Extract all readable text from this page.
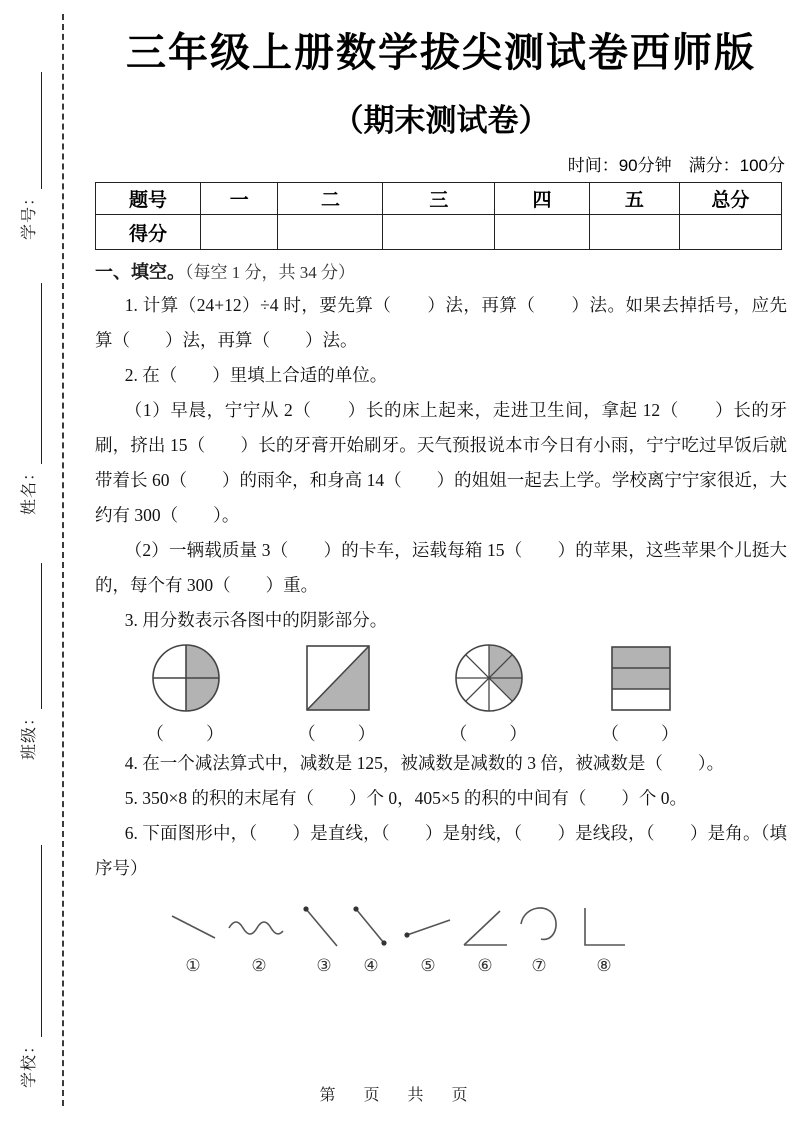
学号：
姓名：
班级：
学校：
三年级上册数学拔尖测试卷西师版
（期末测试卷）
时间：90分钟　满分：100分
题号	一	二	三	四	五	总分
得分						
一、填空。（每空 1 分，共 34 分）

1. 计算（24+12）÷4 时，要先算（　　）法，再算（　　）法。如果去掉括号，应先算（　　）法，再算（　　）法。

2. 在（　　）里填上合适的单位。

（1）早晨，宁宁从 2（　　）长的床上起来，走进卫生间，拿起 12（　　）长的牙刷，挤出 15（　　）长的牙膏开始刷牙。天气预报说本市今日有小雨，宁宁吃过早饭后就带着长 60（　　）的雨伞，和身高 14（　　）的姐姐一起去上学。学校离宁宁家很近，大约有 300（　　）。

（2）一辆载质量 3（　　）的卡车，运载每箱 15（　　）的苹果，这些苹果个儿挺大的，每个有 300（　　）重。

3. 用分数表示各图中的阴影部分。

（　　）	（　　）	（　　）	（　　）

4. 在一个减法算式中，减数是 125，被减数是减数的 3 倍，被减数是（　　）。

5. 350×8 的积的末尾有（　　）个 0，405×5 的积的中间有（　　）个 0。

6. 下面图形中，（　　）是直线，（　　）是射线，（　　）是线段，（　　）是角。（填序号）

①	②	③ ④ ⑤ ⑥ ⑦	⑧
第　页　共　页
